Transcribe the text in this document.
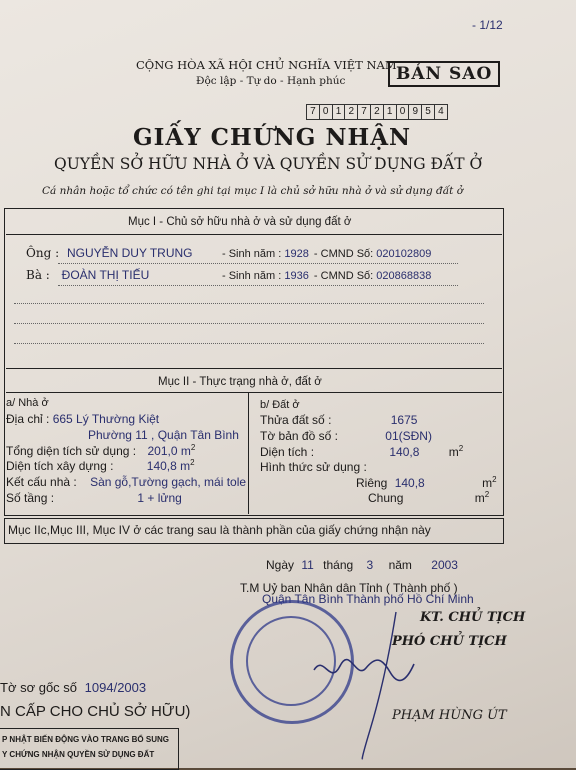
- 1/12
CỘNG HÒA XÃ HỘI CHỦ NGHĨA VIỆT NAM
Độc lập - Tự do - Hạnh phúc	BẢN SAO
7 0 1 2 7 2 1 0 9 5 4
GIẤY CHỨNG NHẬN
QUYỀN SỞ HỮU NHÀ Ở VÀ QUYỀN SỬ DỤNG ĐẤT Ở
Cá nhân hoặc tổ chức có tên ghi tại mục I là chủ sở hữu nhà ở và sử dụng đất ở
Mục I - Chủ sở hữu nhà ở và sử dụng đất ở
Ông : NGUYỄN DUY TRUNG	- Sinh năm : 1928 - CMND Số: 020102809
Bà : ĐOÀN THỊ TIẾU	- Sinh năm : 1936 - CMND Số: 020868838
Mục II - Thực trạng nhà ở, đất ở
a/ Nhà ở
Địa chỉ : 665 Lý Thường Kiệt
Phường 11 , Quận Tân Bình
Tổng diện tích sử dụng : 201,0 $m^2$
Diện tích xây dựng :	140,8 $m^2$
Kết cấu nhà : Sàn gỗ,Tường gạch, mái tole
Số tầng :	1 + lửng
b/ Đất ở
Thửa đất số :	1675
Tờ bản đồ số :	01(SĐN)
Diện tích :	140,8 $m^2$
Hình thức sử dụng :
Riêng 140,8	$m^2$
Chung	$m^2$
Mục IIc,Mục III, Mục IV ở các trang sau là thành phần của giấy chứng nhận này
Ngày 11 tháng 3 năm 2003
T.M Uỷ ban Nhân dân Tỉnh ( Thành phố )
Quận Tân Bình Thành phố Hồ Chí Minh
KT. CHỦ TỊCH
PHÓ CHỦ TỊCH
PHẠM HÙNG ÚT
Tờ sơ gốc số 1094/2003
N CẤP CHO CHỦ SỞ HỮU)
P NHẬT BIẾN ĐỘNG VÀO TRANG BỔ SUNG
Y CHỨNG NHẬN QUYỀN SỬ DỤNG ĐẤT
